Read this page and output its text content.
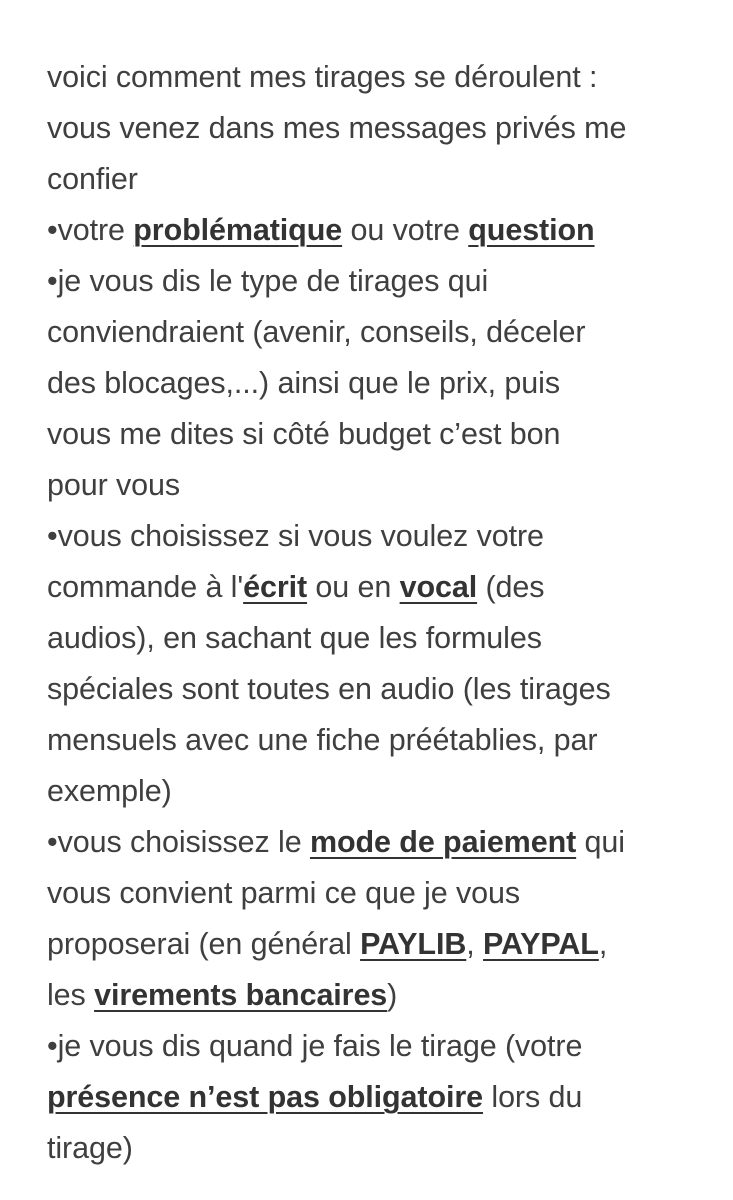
voici comment mes tirages se déroulent :
vous venez dans mes messages privés me
confier
•votre problématique ou votre question
•je vous dis le type de tirages qui
conviendraient (avenir, conseils, déceler
des blocages,...) ainsi que le prix, puis
vous me dites si côté budget c’est bon
pour vous
•vous choisissez si vous voulez votre
commande à l'écrit ou en vocal (des
audios), en sachant que les formules
spéciales sont toutes en audio (les tirages
mensuels avec une fiche préétablies, par
exemple)
•vous choisissez le mode de paiement qui
vous convient parmi ce que je vous
proposerai (en général PAYLIB, PAYPAL,
les virements bancaires)
•je vous dis quand je fais le tirage (votre
présence n’est pas obligatoire lors du
tirage)
